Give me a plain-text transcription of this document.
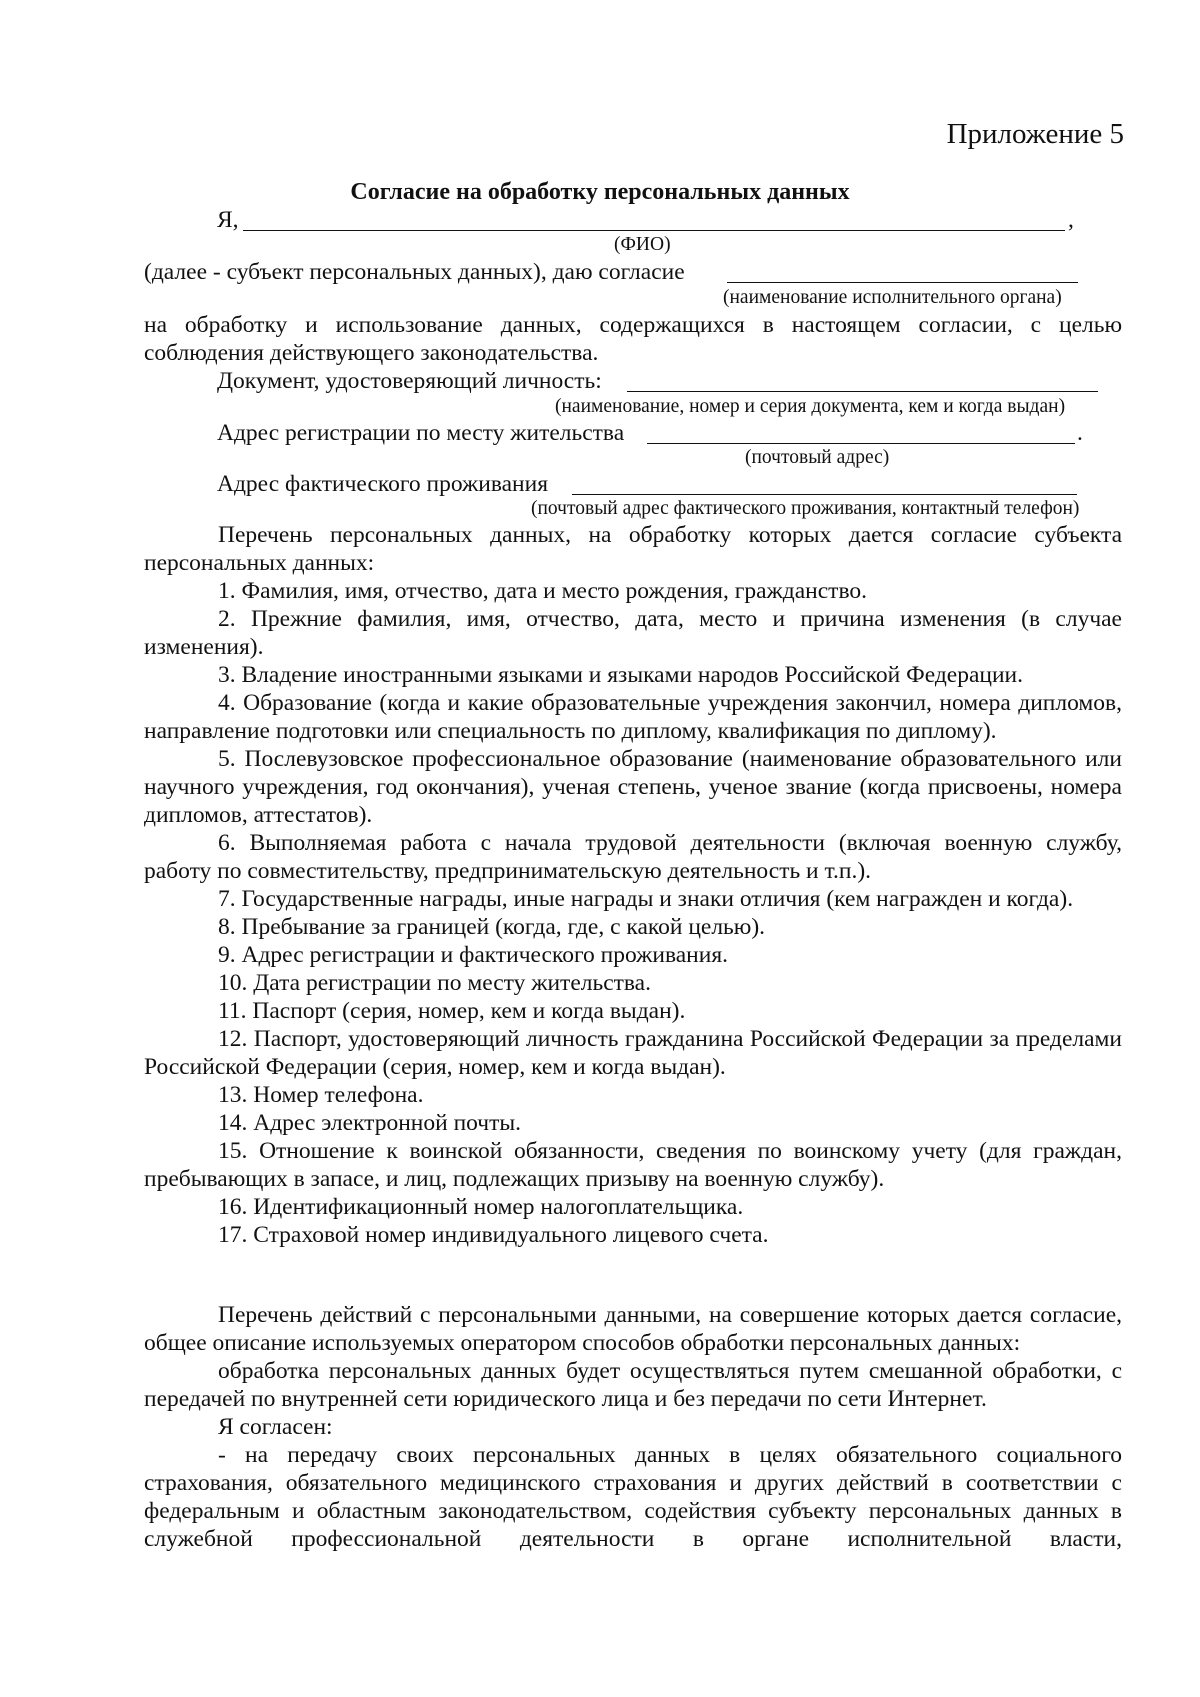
Приложение 5
Согласие на обработку персональных данных
Я,	,
(ФИО)
(далее - субъект персональных данных), даю согласие
(наименование исполнительного органа)

на обработку и использование данных, содержащихся в настоящем согласии, с целью соблюдения действующего законодательства.

Документ, удостоверяющий личность:
(наименование, номер и серия документа, кем и когда выдан)
Адрес регистрации по месту жительства	.
(почтовый адрес)
Адрес фактического проживания
(почтовый адрес фактического проживания, контактный телефон)

Перечень персональных данных, на обработку которых дается согласие субъекта персональных данных:

1. Фамилия, имя, отчество, дата и место рождения, гражданство.

2. Прежние фамилия, имя, отчество, дата, место и причина изменения (в случае изменения).

3. Владение иностранными языками и языками народов Российской Федерации.

4. Образование (когда и какие образовательные учреждения закончил, номера дипломов, направление подготовки или специальность по диплому, квалификация по диплому).

5. Послевузовское профессиональное образование (наименование образовательного или научного учреждения, год окончания), ученая степень, ученое звание (когда присвоены, номера дипломов, аттестатов).

6. Выполняемая работа с начала трудовой деятельности (включая военную службу, работу по совместительству, предпринимательскую деятельность и т.п.).

7. Государственные награды, иные награды и знаки отличия (кем награжден и когда).

8. Пребывание за границей (когда, где, с какой целью).

9. Адрес регистрации и фактического проживания.

10. Дата регистрации по месту жительства.

11. Паспорт (серия, номер, кем и когда выдан).

12. Паспорт, удостоверяющий личность гражданина Российской Федерации за пределами Российской Федерации (серия, номер, кем и когда выдан).

13. Номер телефона.

14. Адрес электронной почты.

15. Отношение к воинской обязанности, сведения по воинскому учету (для граждан, пребывающих в запасе, и лиц, подлежащих призыву на военную службу).

16. Идентификационный номер налогоплательщика.

17. Страховой номер индивидуального лицевого счета.

Перечень действий с персональными данными, на совершение которых дается согласие, общее описание используемых оператором способов обработки персональных данных:

обработка персональных данных будет осуществляться путем смешанной обработки, с передачей по внутренней сети юридического лица и без передачи по сети Интернет.

Я согласен:

- на передачу своих персональных данных в целях обязательного социального страхования, обязательного медицинского страхования и других действий в соответствии с федеральным и областным законодательством, содействия субъекту персональных данных в служебной профессиональной деятельности в органе исполнительной власти,
